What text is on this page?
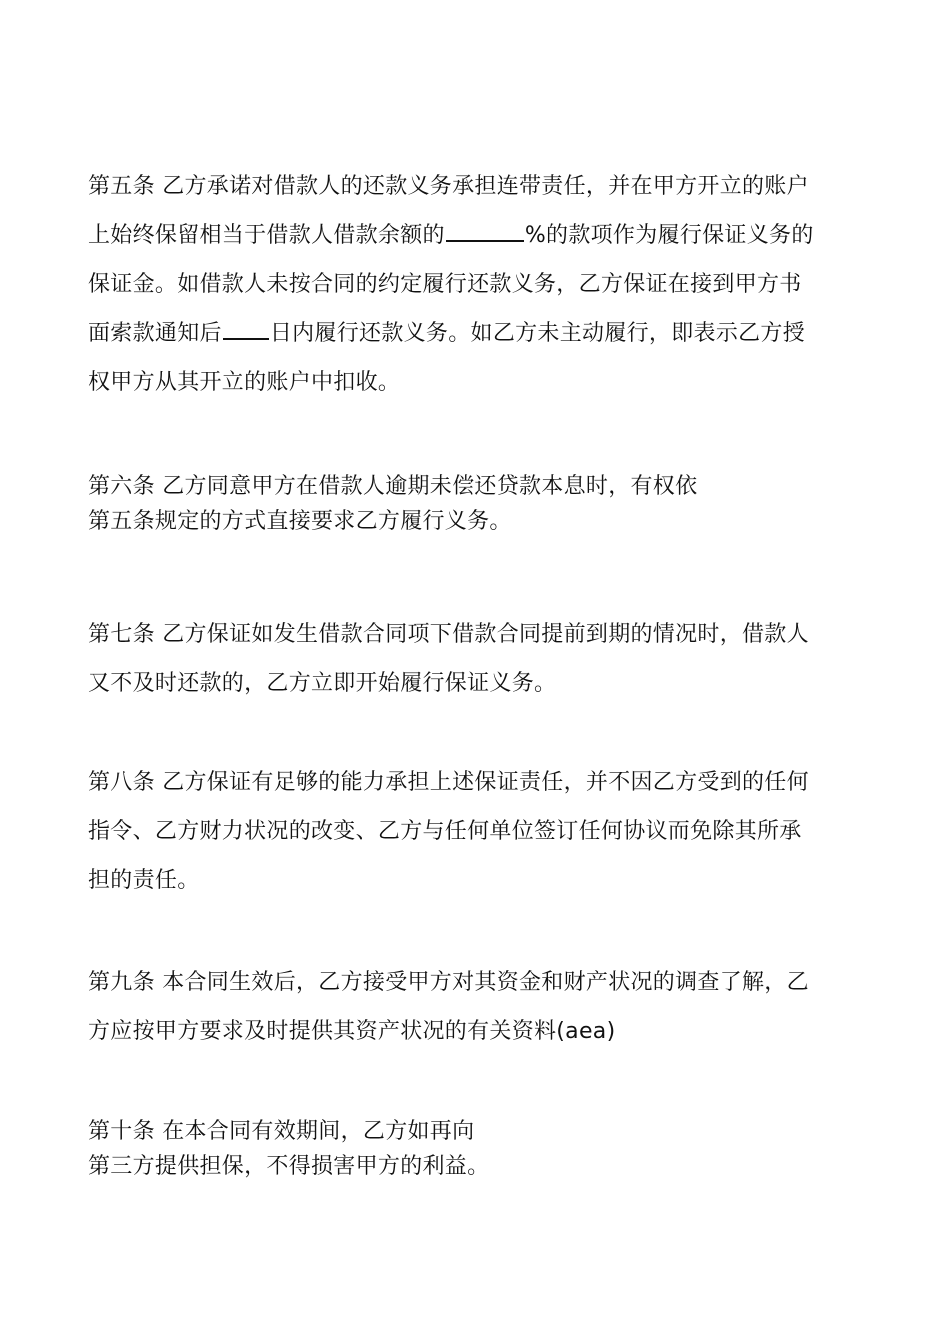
第五条 乙方承诺对借款人的还款义务承担连带责任，并在甲方开立的账户
上始终保留相当于借款人借款余额的	%的款项作为履行保证义务的
保证金。如借款人未按合同的约定履行还款义务，乙方保证在接到甲方书
面索款通知后 日内履行还款义务。如乙方未主动履行，即表示乙方授
权甲方从其开立的账户中扣收。
第六条 乙方同意甲方在借款人逾期未偿还贷款本息时，有权依
第五条规定的方式直接要求乙方履行义务。
第七条 乙方保证如发生借款合同项下借款合同提前到期的情况时，借款人
又不及时还款的，乙方立即开始履行保证义务。
第八条 乙方保证有足够的能力承担上述保证责任，并不因乙方受到的任何
指令、乙方财力状况的改变、乙方与任何单位签订任何协议而免除其所承
担的责任。
第九条 本合同生效后，乙方接受甲方对其资金和财产状况的调查了解，乙
方应按甲方要求及时提供其资产状况的有关资料(aea)
第十条 在本合同有效期间，乙方如再向
第三方提供担保，不得损害甲方的利益。
